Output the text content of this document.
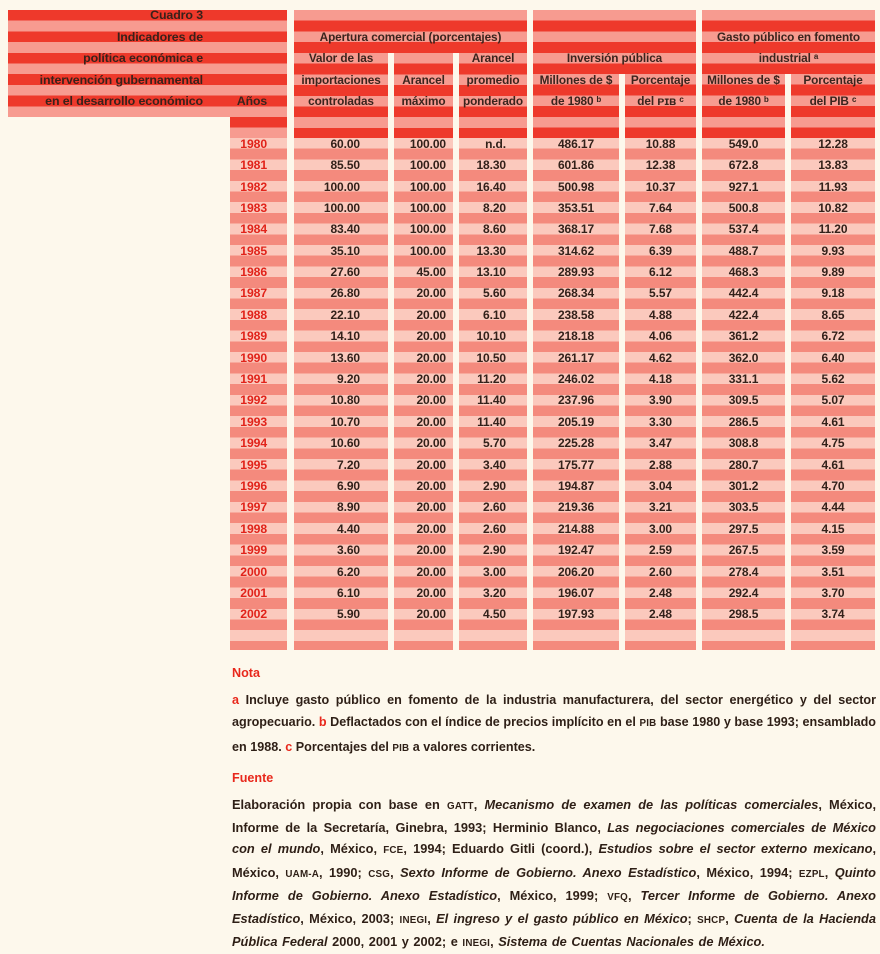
Cuadro 3
Indicadores de
política económica e
intervención gubernamental
en el desarrollo económico	Años
1980
1981
1982
1983
1984
1985
1986
1987
1988
1989
1990
1991
1992
1993
1994
1995
1996
1997
1998
1999
2000
2001
2002
Apertura comercial (porcentajes)
Valor de las
importaciones
controladas
60.00
85.50
100.00
100.00
83.40
35.10
27.60
26.80
22.10
14.10
13.60
9.20
10.80
10.70
10.60
7.20
6.90
8.90
4.40
3.60
6.20
6.10
5.90
Arancel
máximo
100.00
100.00
100.00
100.00
100.00
100.00
45.00
20.00
20.00
20.00
20.00
20.00
20.00
20.00
20.00
20.00
20.00
20.00
20.00
20.00
20.00
20.00
20.00
Arancel
promedio
ponderado
n.d.
18.30
16.40
8.20
8.60
13.30
13.10
5.60
6.10
10.10
10.50
11.20
11.40
11.40
5.70
3.40
2.90
2.60
2.60
2.90
3.00
3.20
4.50
Inversión pública
Millones de $
de 1980 ᵇ
486.17
601.86
500.98
353.51
368.17
314.62
289.93
268.34
238.58
218.18
261.17
246.02
237.96
205.19
225.28
175.77
194.87
219.36
214.88
192.47
206.20
196.07
197.93
Porcentaje
del ᴘɪʙ ᶜ
10.88
12.38
10.37
7.64
7.68
6.39
6.12
5.57
4.88
4.06
4.62
4.18
3.90
3.30
3.47
2.88
3.04
3.21
3.00
2.59
2.60
2.48
2.48
Gasto público en fomento
industrial ᵃ
Millones de $
de 1980 ᵇ
549.0
672.8
927.1
500.8
537.4
488.7
468.3
442.4
422.4
361.2
362.0
331.1
309.5
286.5
308.8
280.7
301.2
303.5
297.5
267.5
278.4
292.4
298.5
Porcentaje
del PIB ᶜ
12.28
13.83
11.93
10.82
11.20
9.93
9.89
9.18
8.65
6.72
6.40
5.62
5.07
4.61
4.75
4.61
4.70
4.44
4.15
3.59
3.51
3.70
3.74

Nota

a Incluye gasto público en fomento de la industria manufacturera, del sector energético y del sector agropecuario. b Deflactados con el índice de precios implícito en el PIB base 1980 y base 1993; ensamblado en 1988. c Porcentajes del PIB a valores corrientes.

Fuente

Elaboración propia con base en GATT, Mecanismo de examen de las políticas comerciales, México, Informe de la Secretaría, Ginebra, 1993; Herminio Blanco, Las negociaciones comerciales de México con el mundo, México, FCE, 1994; Eduardo Gitli (coord.), Estudios sobre el sector externo mexicano, México, UAM-A, 1990; CSG, Sexto Informe de Gobierno. Anexo Estadístico, México, 1994; EZPL, Quinto Informe de Gobierno. Anexo Estadístico, México, 1999; VFQ, Tercer Informe de Gobierno. Anexo Estadístico, México, 2003; INEGI, El ingreso y el gasto público en México; SHCP, Cuenta de la Hacienda Pública Federal 2000, 2001 y 2002; e INEGI, Sistema de Cuentas Nacionales de México.
